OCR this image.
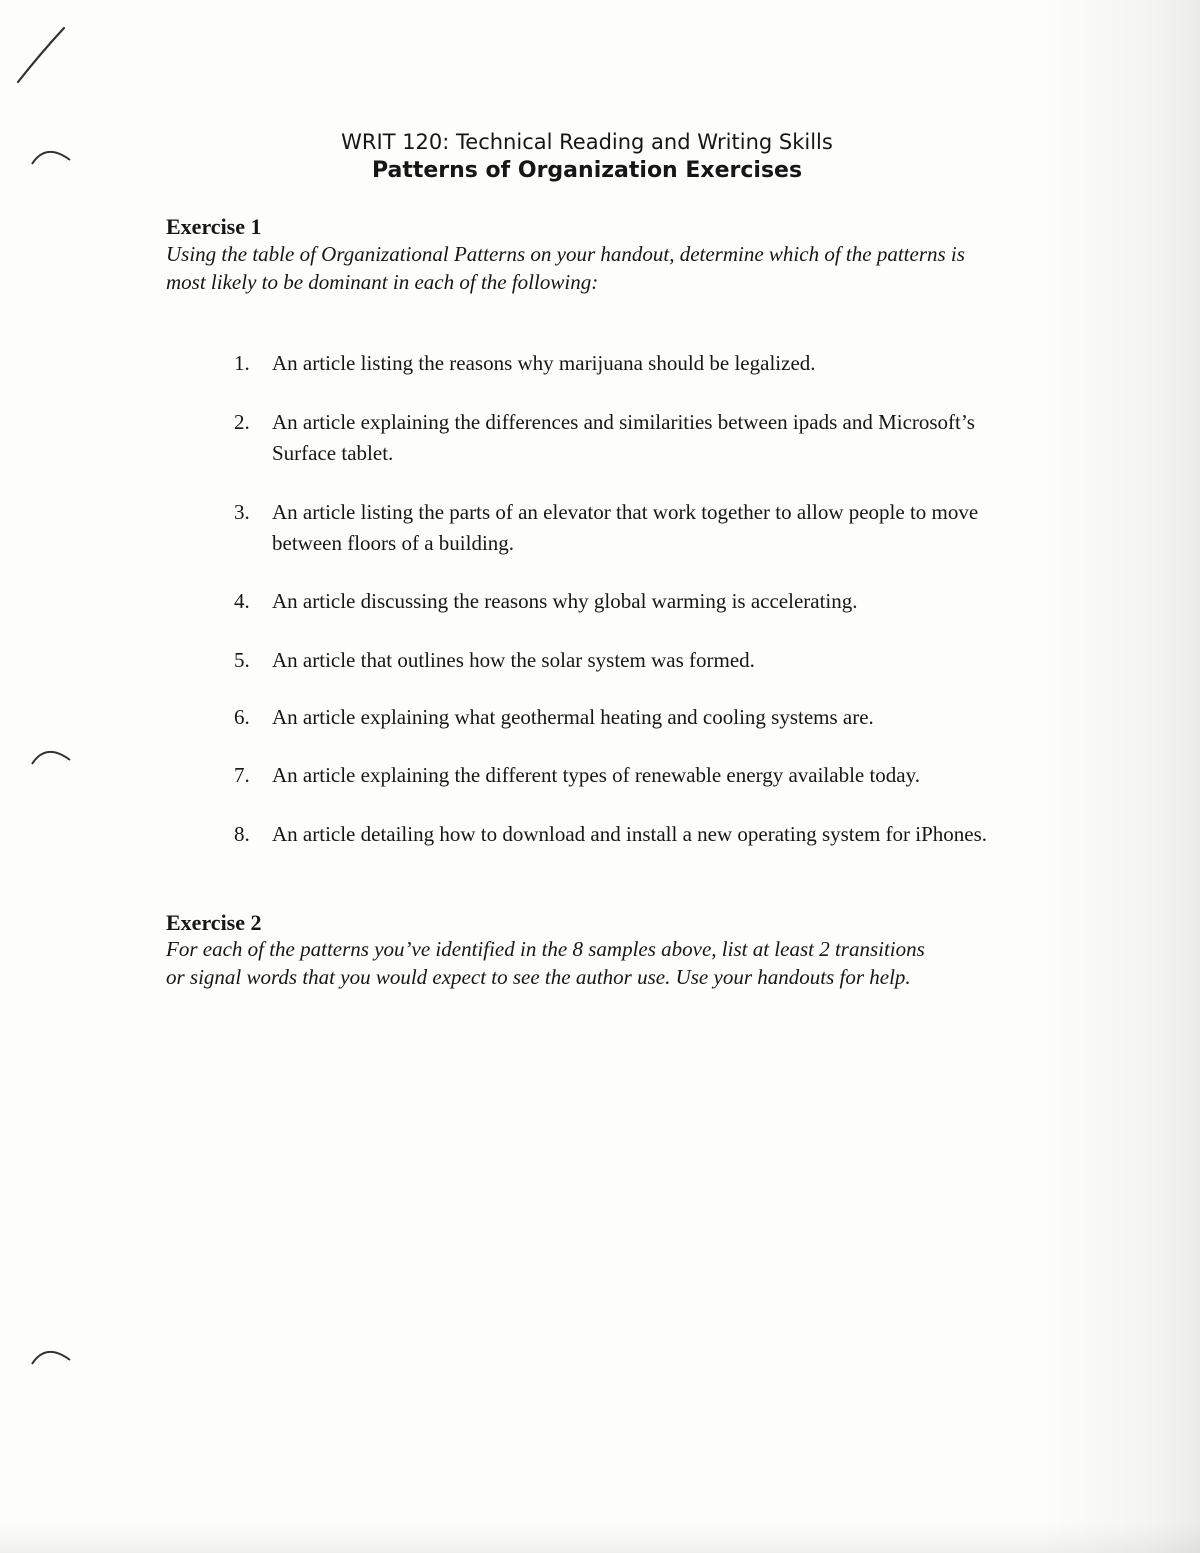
WRIT 120: Technical Reading and Writing Skills
Patterns of Organization Exercises
Exercise 1
Using the table of Organizational Patterns on your handout, determine which of the patterns is most likely to be dominant in each of the following:
1.	An article listing the reasons why marijuana should be legalized.
2.	An article explaining the differences and similarities between ipads and Microsoft’s Surface tablet.
3.	An article listing the parts of an elevator that work together to allow people to move between floors of a building.
4.	An article discussing the reasons why global warming is accelerating.
5.	An article that outlines how the solar system was formed.
6.	An article explaining what geothermal heating and cooling systems are.
7.	An article explaining the different types of renewable energy available today.
8.	An article detailing how to download and install a new operating system for iPhones.
Exercise 2
For each of the patterns you’ve identified in the 8 samples above, list at least 2 transitions or signal words that you would expect to see the author use. Use your handouts for help.
